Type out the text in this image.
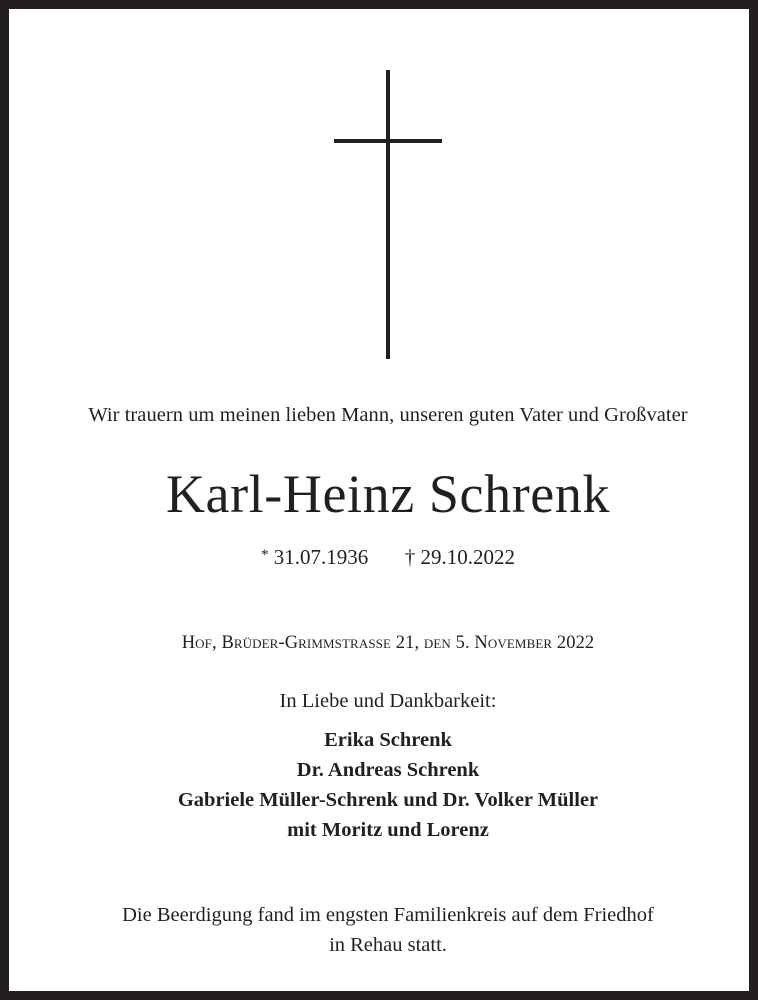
Wir trauern um meinen lieben Mann, unseren guten Vater und Großvater
Karl-Heinz Schrenk
* 31.07.1936 † 29.10.2022
Hof, Brüder-Grimmstrasse 21, den 5. November 2022
In Liebe und Dankbarkeit:
Erika Schrenk
Dr. Andreas Schrenk
Gabriele Müller-Schrenk und Dr. Volker Müller
mit Moritz und Lorenz
Die Beerdigung fand im engsten Familienkreis auf dem Friedhof
in Rehau statt.
